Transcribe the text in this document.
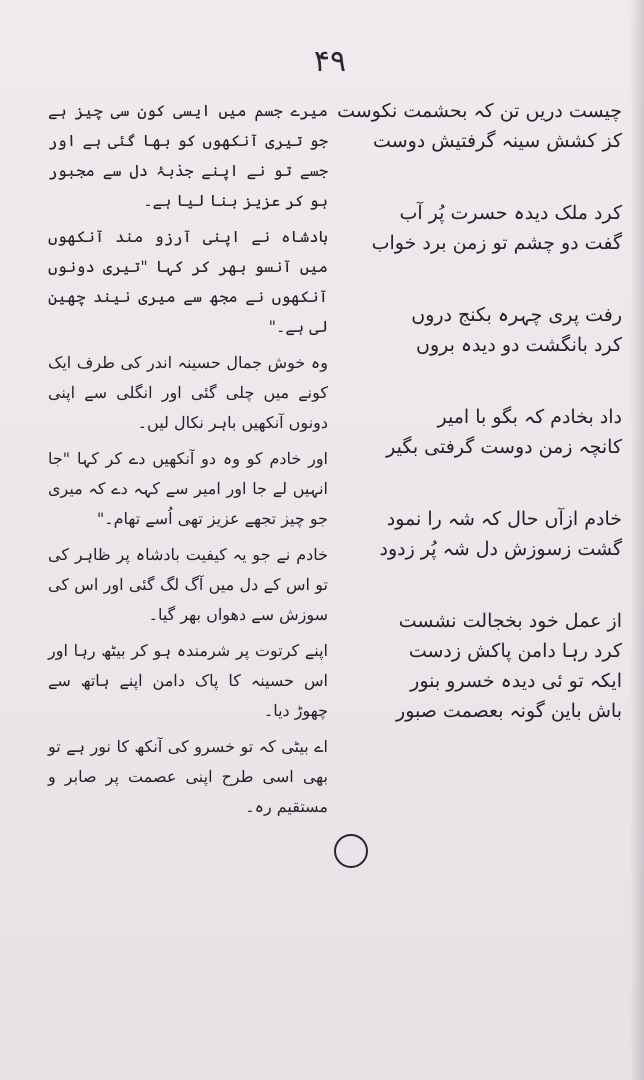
۴۹
چیست دریں تن کہ بحشمت نکوست
کز کشش سینہ گرفتیش دوست
کرد ملک دیدہ حسرت پُر آب
گفت دو چشم تو زمن برد خواب
رفت پری چہرہ بکنج دروں
کرد بانگشت دو دیدہ بروں
داد بخادم کہ بگو با امیر
کانچہ زمن دوست گرفتی بگیر
خادم ازآں حال کہ شہ را نمود
گشت زسوزش دل شہ پُر زدود
از عمل خود بخجالت نشست
کرد رہا دامن پاکش زدست
ایکہ تو ئی دیدہ خسرو بنور
باش باین گونہ بعصمت صبور

میرے جسم میں ایسی کون سی چیز ہے جو تیری آنکھوں کو بھا گئی ہے اور جسے تو نے اپنے جذبۂ دل سے مجبور ہو کر عزیز بنا لیا ہے۔

بادشاہ نے اپنی آرزو مند آنکھوں میں آنسو بھر کر کہا "تیری دونوں آنکھوں نے مجھ سے میری نیند چھین لی ہے۔"

وہ خوش جمال حسینہ اندر کی طرف ایک کونے میں چلی گئی اور انگلی سے اپنی دونوں آنکھیں باہر نکال لیں۔

اور خادم کو وہ دو آنکھیں دے کر کہا "جا انہیں لے جا اور امیر سے کہہ دے کہ میری جو چیز تجھے عزیز تھی اُسے تھام۔"

خادم نے جو یہ کیفیت بادشاہ پر ظاہر کی تو اس کے دل میں آگ لگ گئی اور اس کی سوزش سے دھواں بھر گیا۔

اپنے کرتوت پر شرمندہ ہو کر بیٹھ رہا اور اس حسینہ کا پاک دامن اپنے ہاتھ سے چھوڑ دیا۔

اے بیٹی کہ تو خسرو کی آنکھ کا نور ہے تو بھی اسی طرح اپنی عصمت پر صابر و مستقیم رہ۔
